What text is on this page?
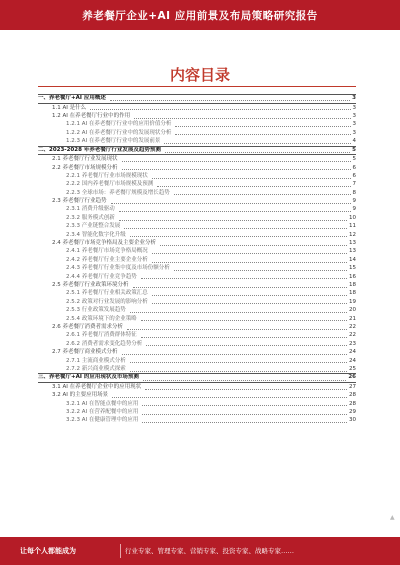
养老餐厅企业+AI 应用前景及布局策略研究报告
内容目录
一、养老餐厅+AI 应用概述	3
1.1 AI 是什么	3
1.2 AI 在养老餐厅行业中的作用	3
1.2.1 AI 在养老餐厅行业中的应用价值分析	3
1.2.2 AI 在养老餐厅行业中的发展现状分析	3
1.2.3 AI 在养老餐厅行业中的发展前景	4
二、2023-2028 年养老餐厅行业发展及趋势预测	5
2.1 养老餐厅行业发展现状	5
2.2 养老餐厅市场规模分析	6
2.2.1 养老餐厅行业市场规模现状	6
2.2.2 国内养老餐厅市场规模及预测	7
2.2.3 全球市场：养老餐厅规模及增长趋势	8
2.3 养老餐厅行业趋势	9
2.3.1 消费升级驱动	9
2.3.2 服务模式创新	10
2.3.3 产业链整合发展	11
2.3.4 智能化数字化升级	12
2.4 养老餐厅市场竞争格局及主要企业分析	13
2.4.1 养老餐厅市场竞争格局概况	13
2.4.2 养老餐厅行业主要企业分析	14
2.4.3 养老餐厅行业集中度及市场份额分析	15
2.4.4 养老餐厅行业竞争趋势	16
2.5 养老餐厅行业政策环境分析	18
2.5.1 养老餐厅行业相关政策汇总	18
2.5.2 政策对行业发展的影响分析	19
2.5.3 行业政策发展趋势	20
2.5.4 政策环境下的企业策略	21
2.6 养老餐厅消费者需求分析	22
2.6.1 养老餐厅消费群体特征	22
2.6.2 消费者需求变化趋势分析	23
2.7 养老餐厅商业模式分析	24
2.7.1 主流商业模式分析	24
2.7.2 新兴商业模式探索	25
三、养老餐厅+AI 的应用现状及市场预测	26
3.1 AI 在养老餐厅企业中的应用现状	27
3.2 AI 的主要应用场景	28
3.2.1 AI 在智能点餐中的应用	28
3.2.2 AI 在营养配餐中的应用	29
3.2.3 AI 在健康管理中的应用	30
▲
让每个人都能成为	行业专家、管理专家、营销专家、投资专家、战略专家……
